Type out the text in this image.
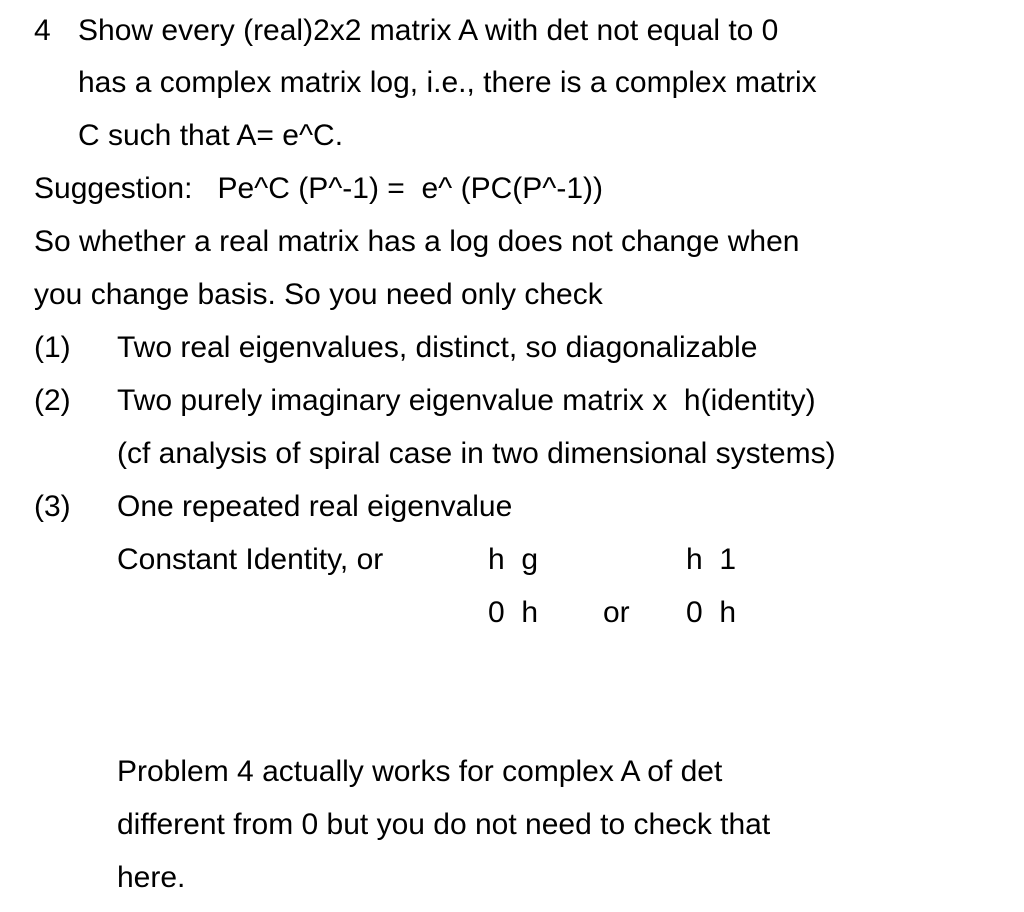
4 Show every (real)2x2 matrix A with det not equal to 0
has a complex matrix log, i.e., there is a complex matrix
C such that A= e^C.
Suggestion:   Pe^C (P^-1) =  e^ (PC(P^-1))
So whether a real matrix has a log does not change when
you change basis. So you need only check
(1) Two real eigenvalues, distinct, so diagonalizable
(2) Two purely imaginary eigenvalue matrix x  h(identity)
(cf analysis of spiral case in two dimensional systems)
(3) One repeated real eigenvalue
Constant Identity, or	h  g
0  h or
h  1
0  h
Problem 4 actually works for complex A of det
different from 0 but you do not need to check that
here.
